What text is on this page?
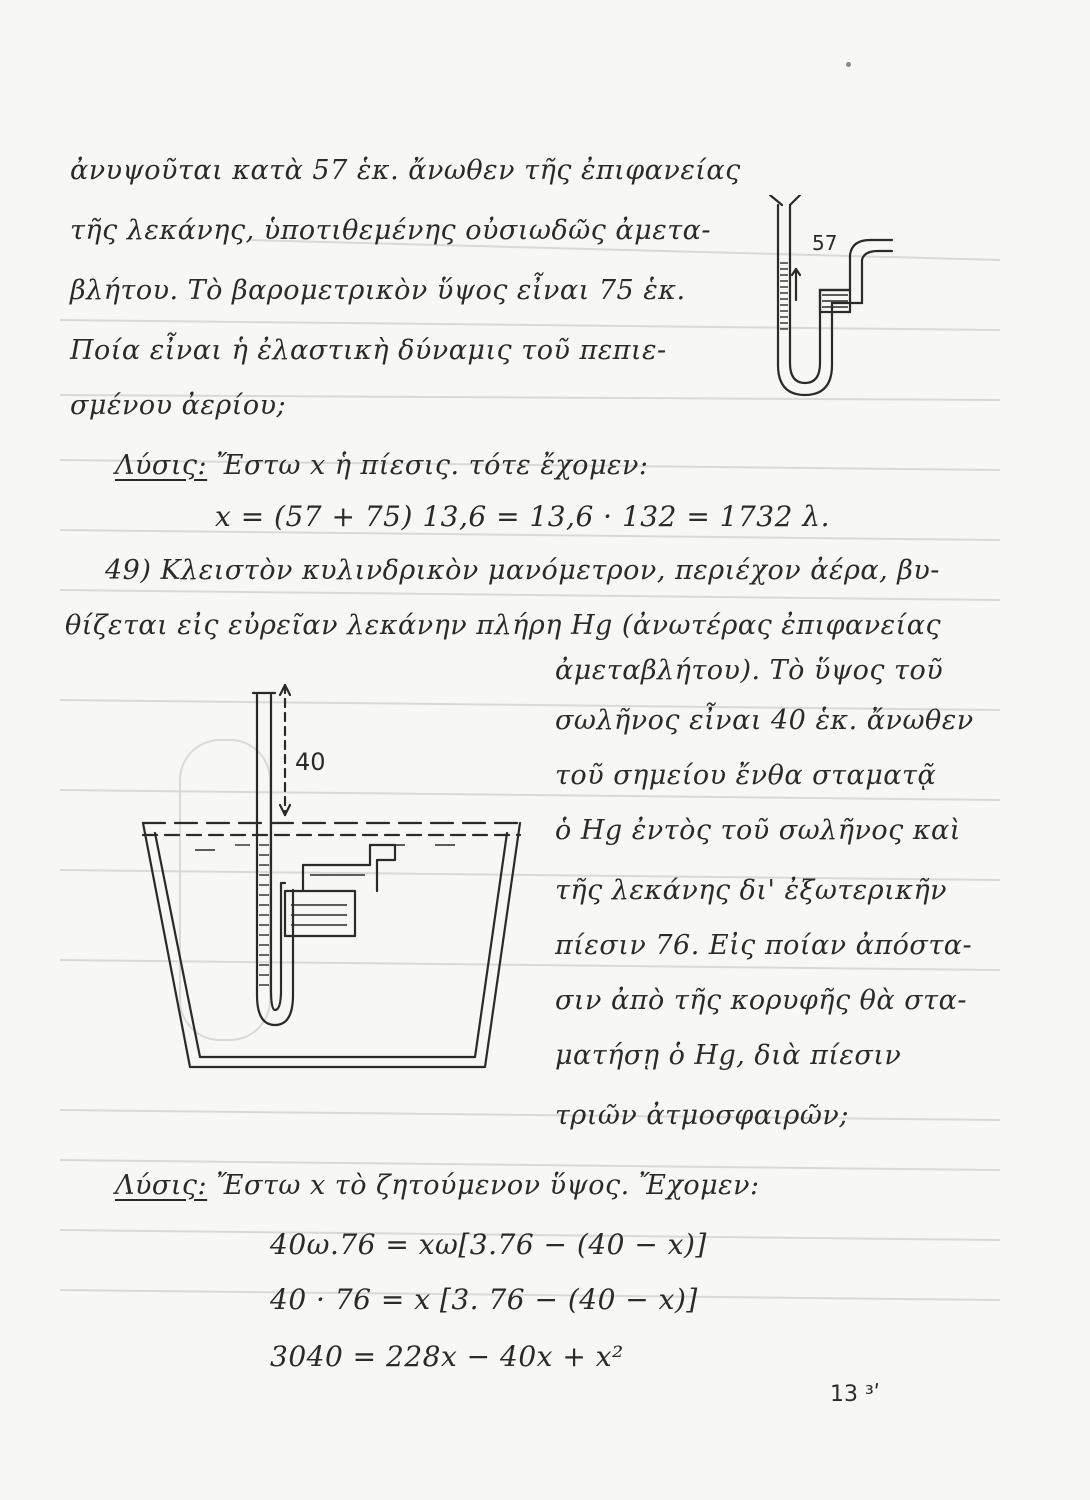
ἀνυψοῦται κατὰ 57 ἑκ. ἄνωθεν τῆς ἐπιφανείας
τῆς λεκάνης, ὑποτιθεμένης οὐσιωδῶς ἀμετα-
βλήτου. Τὸ βαρομετρικὸν ὕψος εἶναι 75 ἑκ.
Ποία εἶναι ἡ ἐλαστικὴ δύναμις τοῦ πεπιε-
σμένου ἀερίου;
Λύσις: Ἔστω x ἡ πίεσις. τότε ἔχομεν:
x = (57 + 75) 13,6 = 13,6 · 132 = 1732 λ.
49) Κλειστὸν κυλινδρικὸν μανόμετρον, περιέχον ἀέρα, βυ-
θίζεται εἰς εὐρεῖαν λεκάνην πλήρη Hg (ἀνωτέρας ἐπιφανείας
ἀμεταβλήτου). Τὸ ὕψος τοῦ
σωλῆνος εἶναι 40 ἑκ. ἄνωθεν
τοῦ σημείου ἔνθα σταματᾷ
ὁ Hg ἐντὸς τοῦ σωλῆνος καὶ
τῆς λεκάνης δι' ἐξωτερικῆν
πίεσιν 76. Εἰς ποίαν ἀπόστα-
σιν ἀπὸ τῆς κορυφῆς θὰ στα-
ματήσῃ ὁ Hg, διὰ πίεσιν
τριῶν ἀτμοσφαιρῶν;
Λύσις: Ἔστω x τὸ ζητούμενον ὕψος. Ἔχομεν:
40ω.76 = xω[3.76 − (40 − x)]
40 · 76 = x [3. 76 − (40 − x)]
3040 = 228x − 40x + x²
13 ³ʹ
57
40
